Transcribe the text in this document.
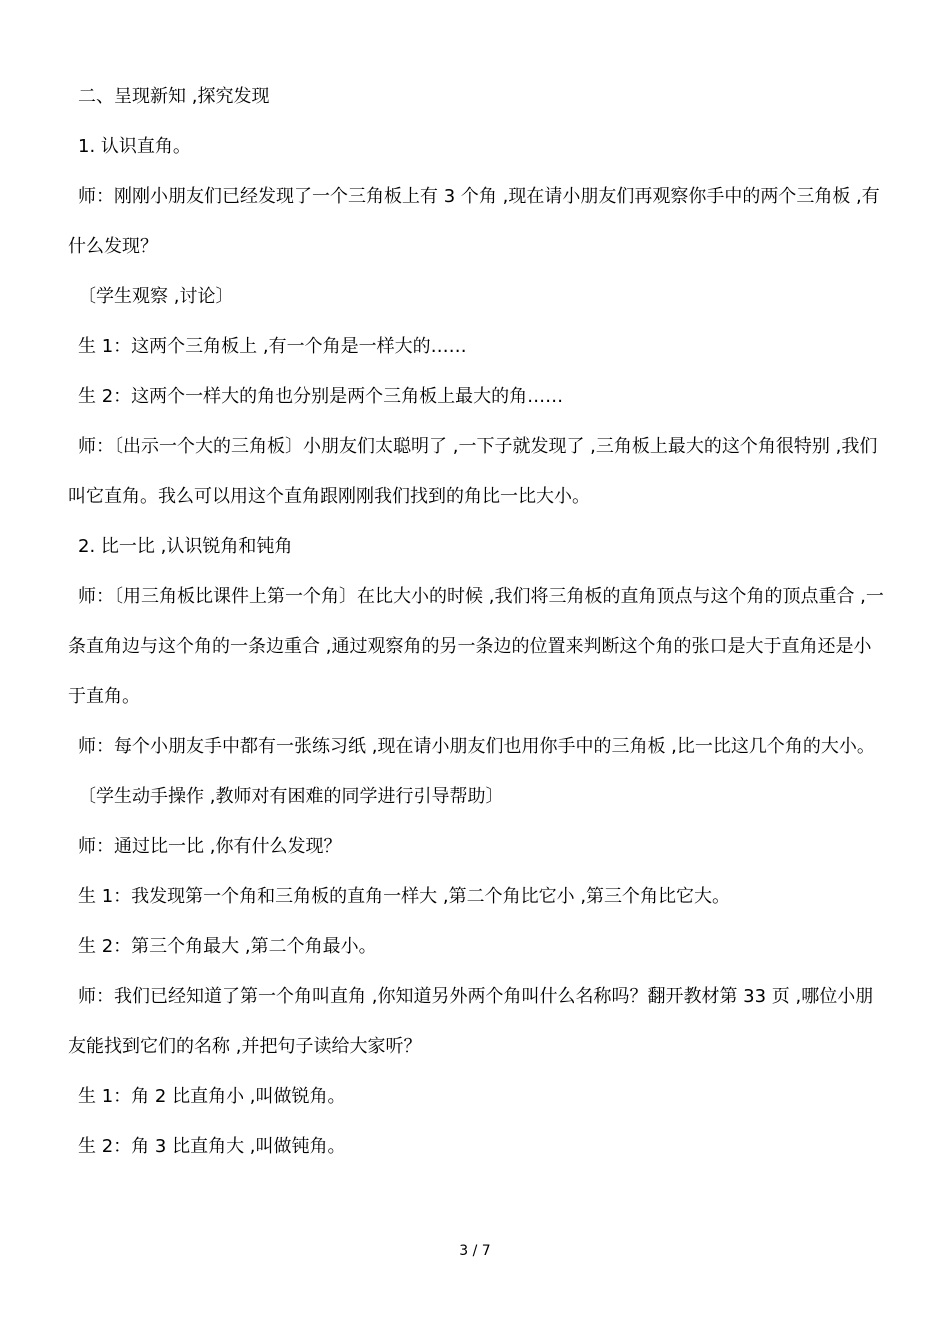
二、呈现新知 ,探究发现

1. 认识直角。

师：刚刚小朋友们已经发现了一个三角板上有 3 个角 ,现在请小朋友们再观察你手中的两个三角板 ,有什么发现？

〔学生观察 ,讨论〕

生 1：这两个三角板上 ,有一个角是一样大的……

生 2：这两个一样大的角也分别是两个三角板上最大的角……

师：〔出示一个大的三角板〕小朋友们太聪明了 ,一下子就发现了 ,三角板上最大的这个角很特别 ,我们叫它直角。我么可以用这个直角跟刚刚我们找到的角比一比大小。

2. 比一比 ,认识锐角和钝角

师：〔用三角板比课件上第一个角〕在比大小的时候 ,我们将三角板的直角顶点与这个角的顶点重合 ,一条直角边与这个角的一条边重合 ,通过观察角的另一条边的位置来判断这个角的张口是大于直角还是小于直角。

师：每个小朋友手中都有一张练习纸 ,现在请小朋友们也用你手中的三角板 ,比一比这几个角的大小。

〔学生动手操作 ,教师对有困难的同学进行引导帮助〕

师：通过比一比 ,你有什么发现？

生 1：我发现第一个角和三角板的直角一样大 ,第二个角比它小 ,第三个角比它大。

生 2：第三个角最大 ,第二个角最小。

师：我们已经知道了第一个角叫直角 ,你知道另外两个角叫什么名称吗？翻开教材第 33 页 ,哪位小朋友能找到它们的名称 ,并把句子读给大家听？

生 1：角 2 比直角小 ,叫做锐角。

生 2：角 3 比直角大 ,叫做钝角。

3 / 7
